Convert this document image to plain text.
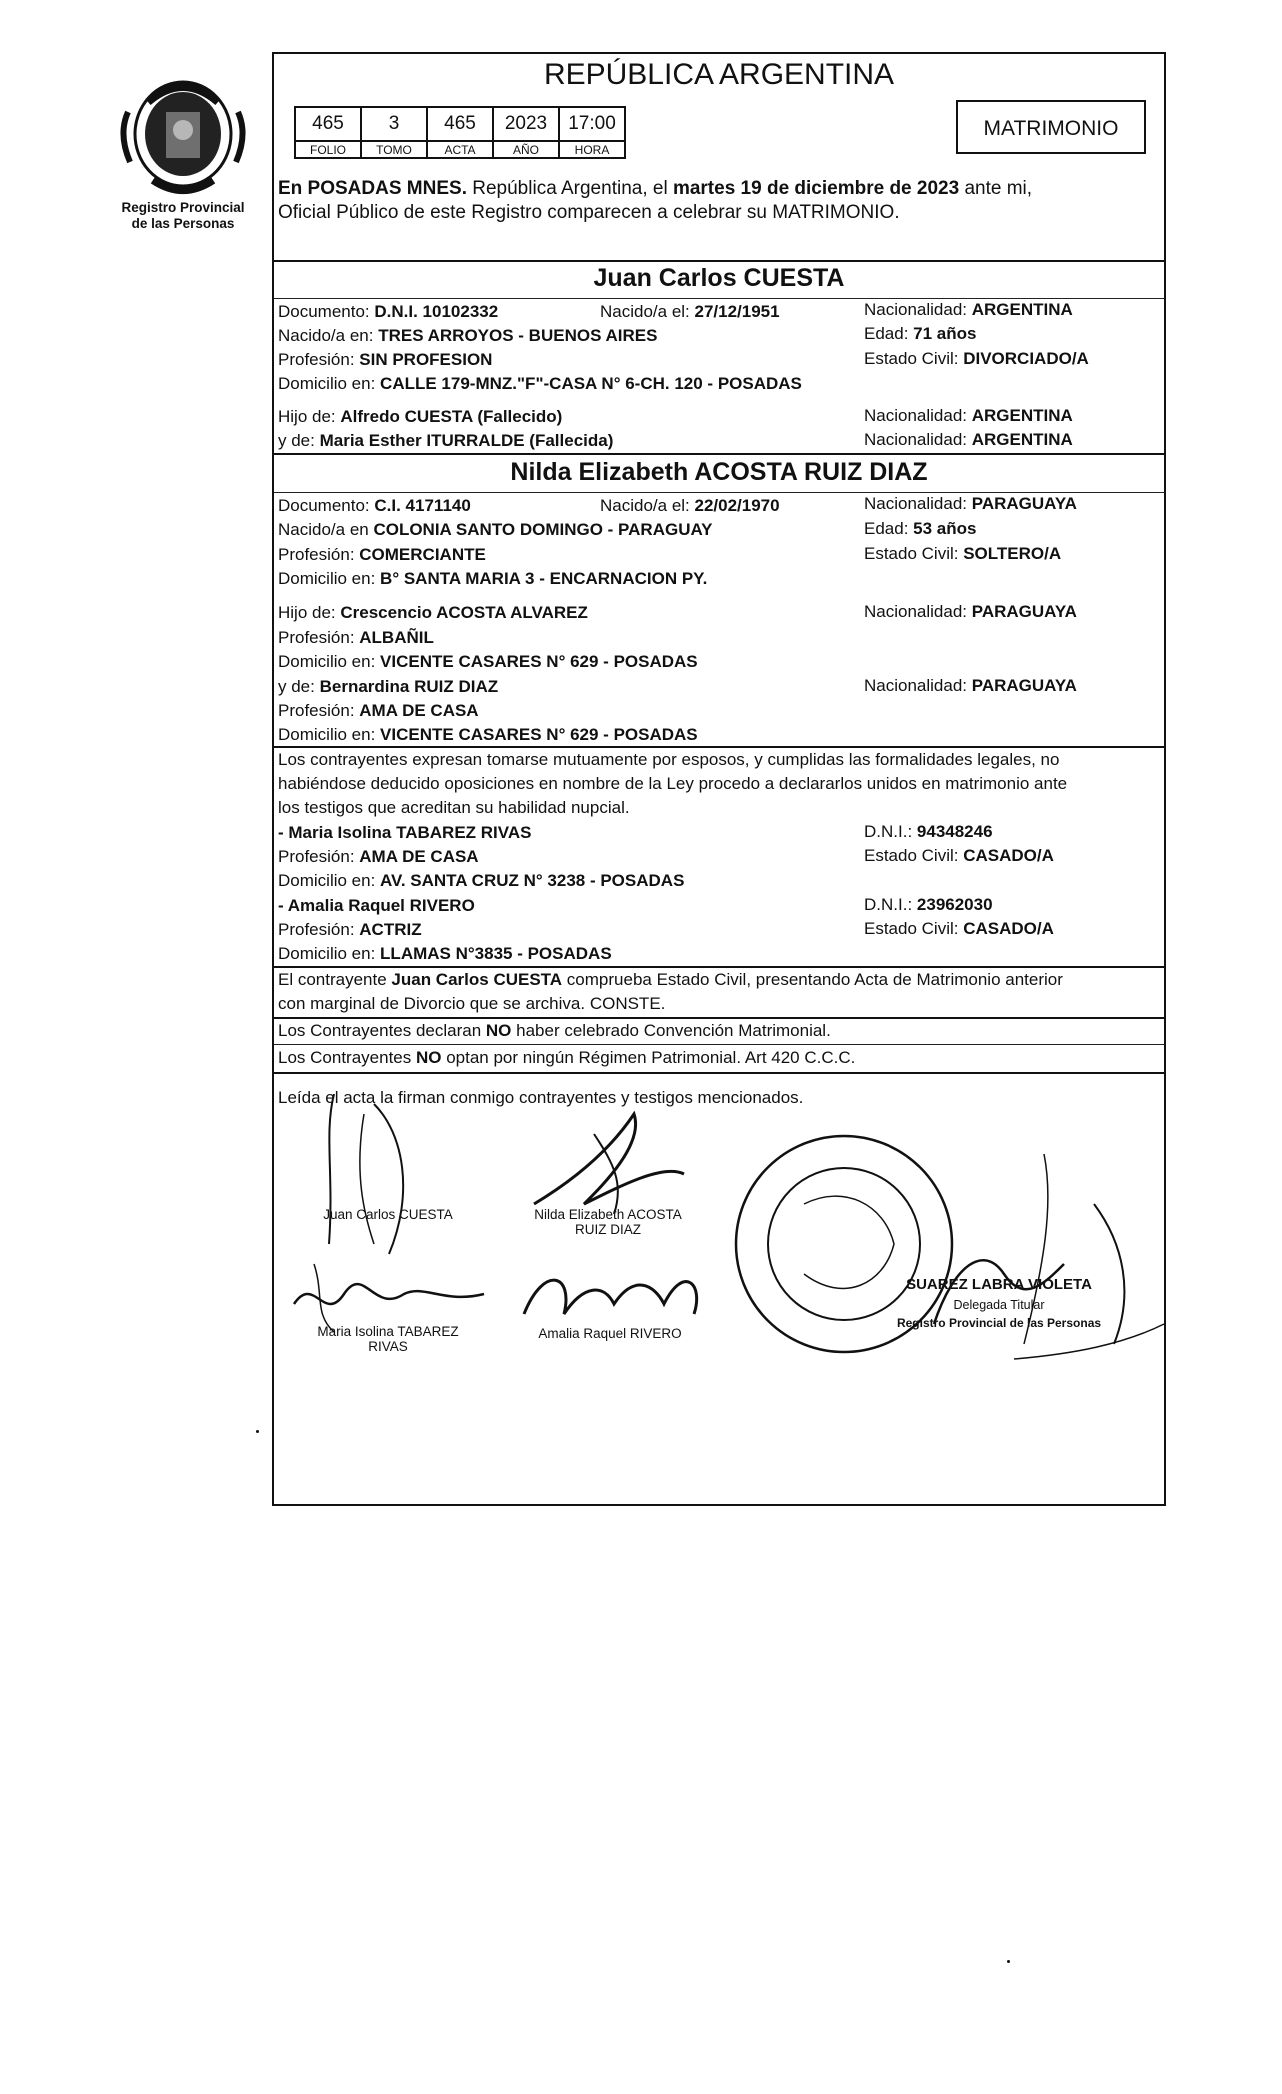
Registro Provincial
de las Personas
REPÚBLICA ARGENTINA
465	3	465	2023	17:00
FOLIO	TOMO	ACTA	AÑO	HORA
MATRIMONIO
En POSADAS MNES. República Argentina, el martes 19 de diciembre de 2023 ante mi,
Oficial Público de este Registro comparecen a celebrar su MATRIMONIO.
Juan Carlos CUESTA
Documento: D.N.I. 10102332	Nacido/a el: 27/12/1951	Nacionalidad: ARGENTINA
Nacido/a en: TRES ARROYOS - BUENOS AIRES	Edad: 71 años
Profesión: SIN PROFESION	Estado Civil: DIVORCIADO/A
Domicilio en: CALLE 179-MNZ."F"-CASA N° 6-CH. 120 - POSADAS
Hijo de: Alfredo CUESTA (Fallecido)	Nacionalidad: ARGENTINA
y de: Maria Esther ITURRALDE (Fallecida)	Nacionalidad: ARGENTINA
Nilda Elizabeth ACOSTA RUIZ DIAZ
Documento: C.I. 4171140	Nacido/a el: 22/02/1970	Nacionalidad: PARAGUAYA
Nacido/a en COLONIA SANTO DOMINGO - PARAGUAY	Edad: 53 años
Profesión: COMERCIANTE	Estado Civil: SOLTERO/A
Domicilio en: B° SANTA MARIA 3 - ENCARNACION PY.
Hijo de: Crescencio ACOSTA ALVAREZ	Nacionalidad: PARAGUAYA
Profesión: ALBAÑIL
Domicilio en: VICENTE CASARES N° 629 - POSADAS
y de: Bernardina RUIZ DIAZ	Nacionalidad: PARAGUAYA
Profesión: AMA DE CASA
Domicilio en: VICENTE CASARES N° 629 - POSADAS
Los contrayentes expresan tomarse mutuamente por esposos, y cumplidas las formalidades legales, no
habiéndose deducido oposiciones en nombre de la Ley procedo a declararlos unidos en matrimonio ante
los testigos que acreditan su habilidad nupcial.
- Maria Isolina TABAREZ RIVAS	D.N.I.: 94348246
Profesión: AMA DE CASA	Estado Civil: CASADO/A
Domicilio en: AV. SANTA CRUZ N° 3238 - POSADAS
- Amalia Raquel RIVERO	D.N.I.: 23962030
Profesión: ACTRIZ	Estado Civil: CASADO/A
Domicilio en: LLAMAS N°3835 - POSADAS
El contrayente Juan Carlos CUESTA comprueba Estado Civil, presentando Acta de Matrimonio anterior
con marginal de Divorcio que se archiva. CONSTE.
Los Contrayentes declaran NO haber celebrado Convención Matrimonial.
Los Contrayentes NO optan por ningún Régimen Patrimonial. Art 420 C.C.C.
Leída el acta la firman conmigo contrayentes y testigos mencionados.
Juan Carlos CUESTA	Nilda Elizabeth ACOSTA
RUIZ DIAZ
Maria Isolina TABAREZ
RIVAS
Amalia Raquel RIVERO
SUAREZ LABRA VIOLETA
Delegada Titular
Registro Provincial de las Personas
